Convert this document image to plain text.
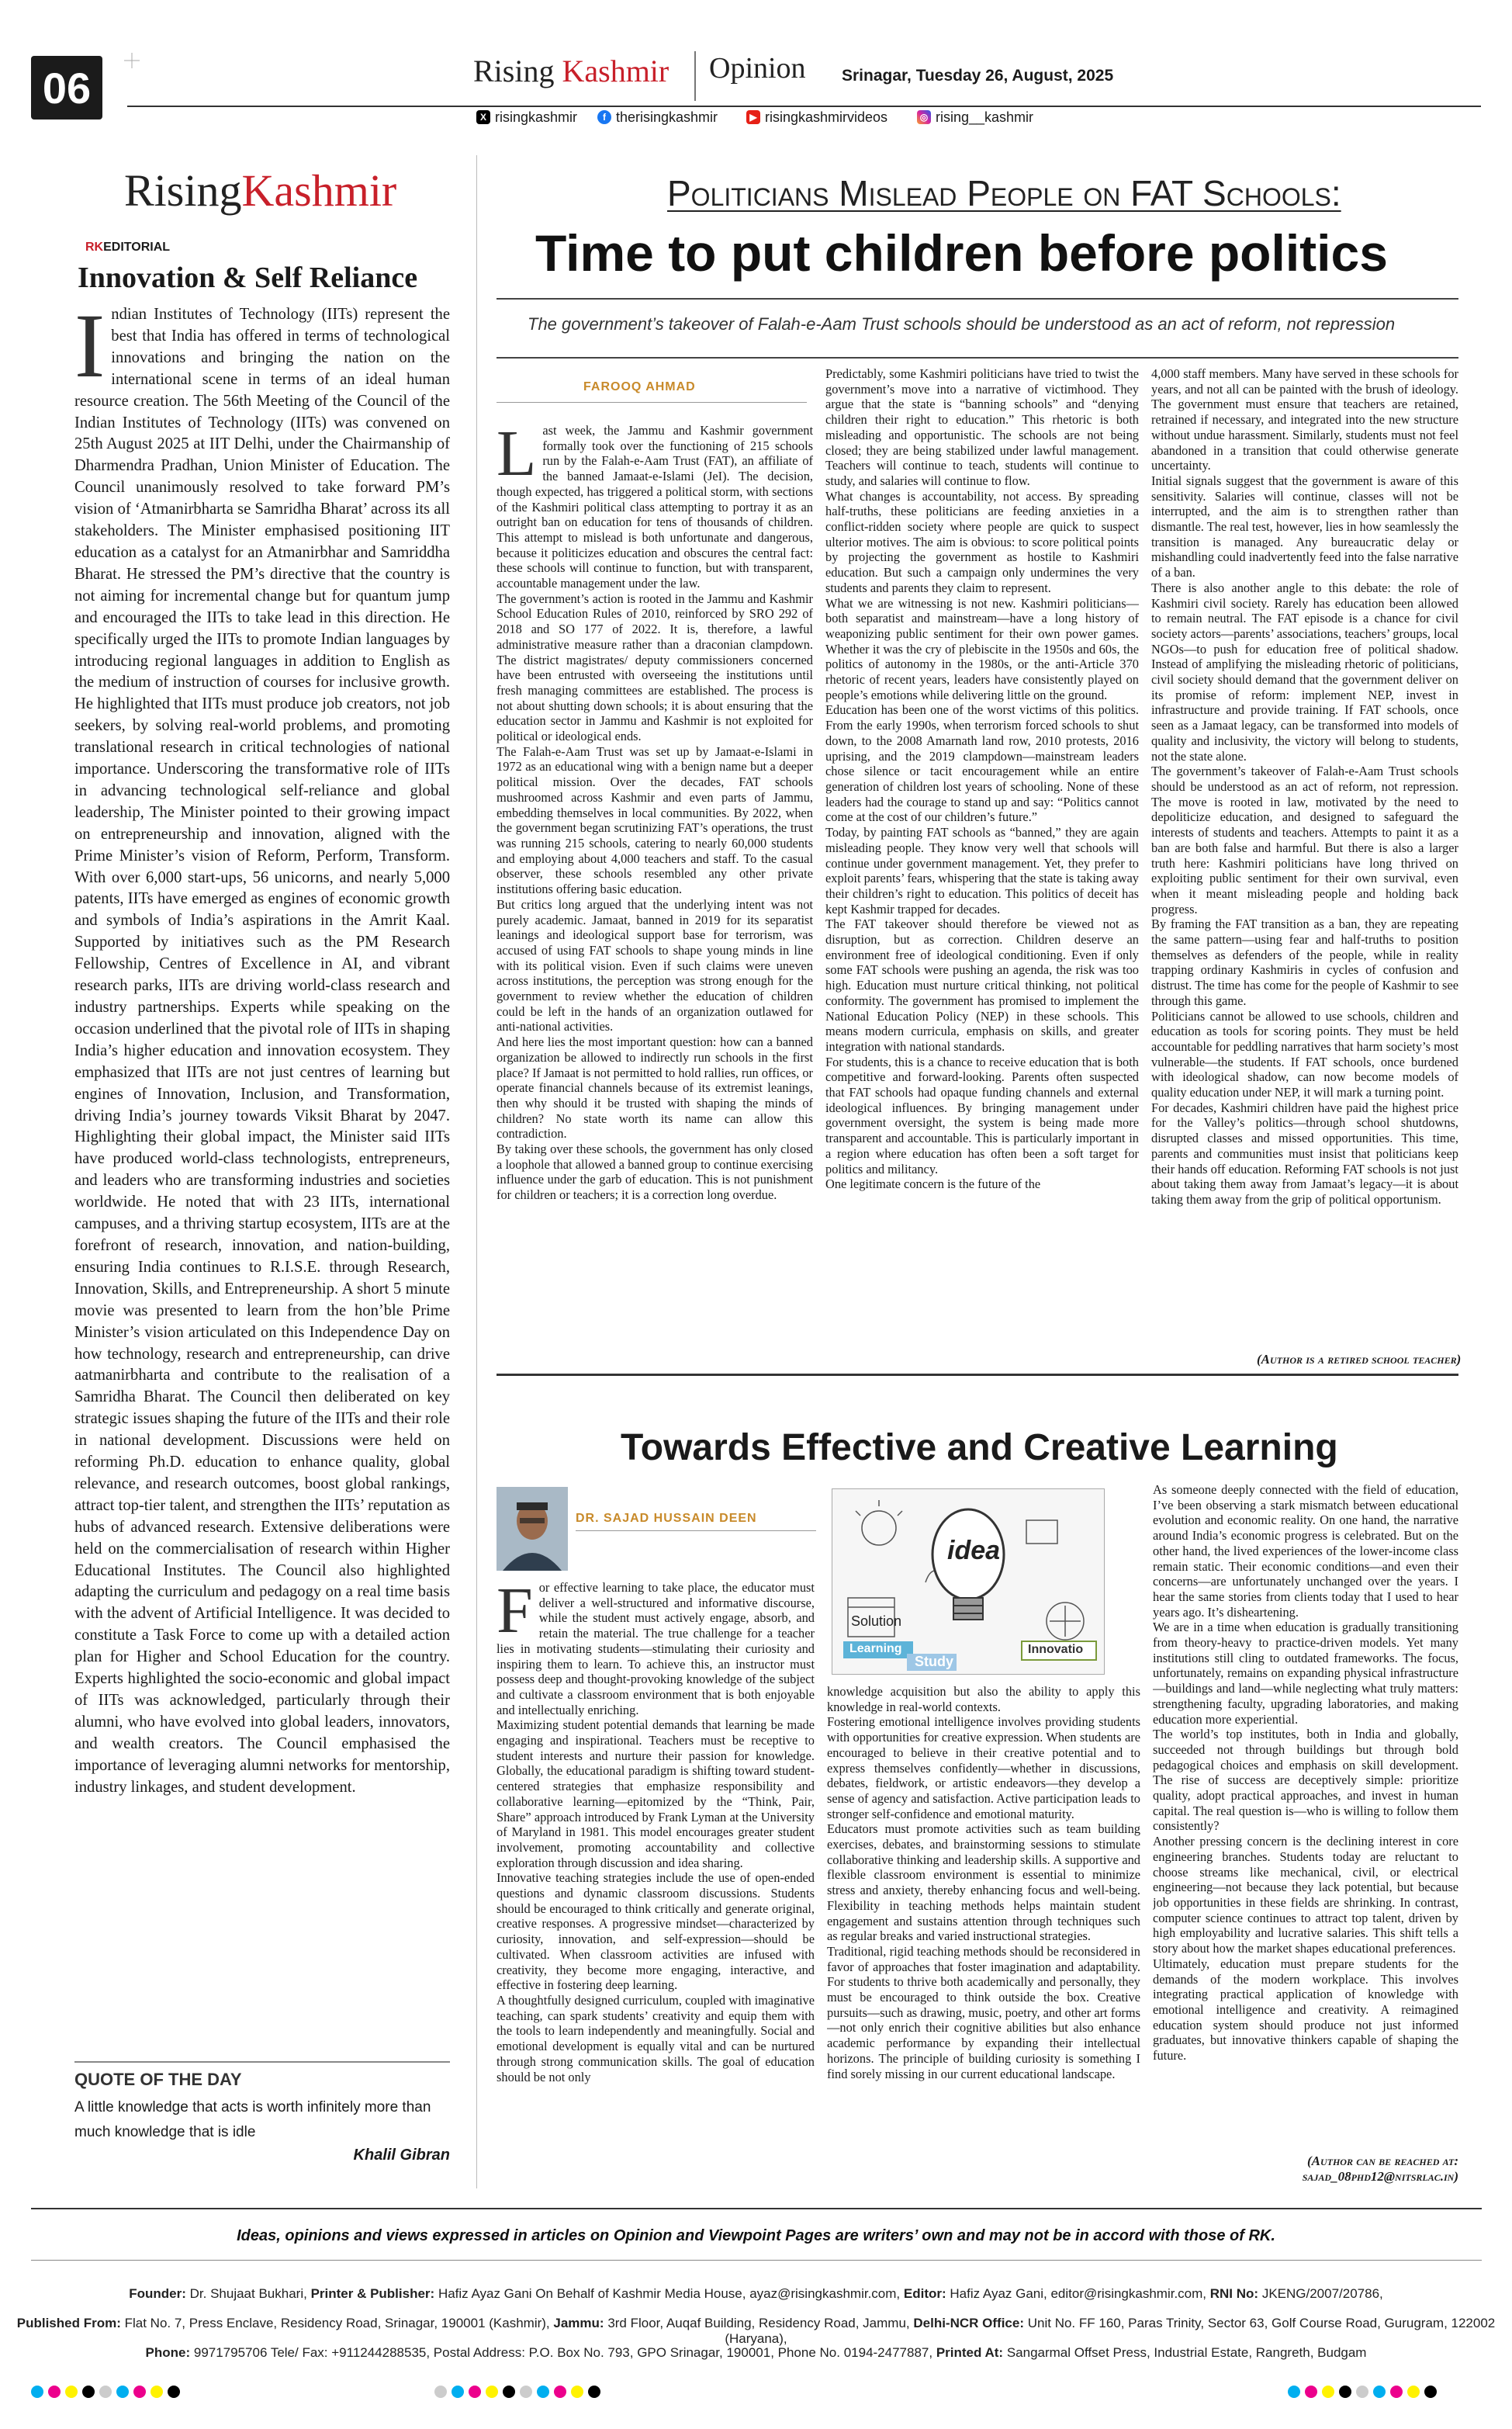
06	Rising Kashmir Opinion Srinagar, Tuesday 26, August, 2025
X risingkashmir	f therisingkashmir	▶ risingkashmirvideos	◎ rising__kashmir
RisingKashmir
RKEDITORIAL
Innovation & Self Reliance
Indian Institutes of Technology (IITs) represent the best that India has offered in terms of technological innovations and bringing the nation on the international scene in terms of an ideal human resource creation. The 56th Meeting of the Council of the Indian Institutes of Technology (IITs) was convened on 25th August 2025 at IIT Delhi, under the Chairmanship of Dharmendra Pradhan, Union Minister of Education. The Council unanimously resolved to take forward PM’s vision of ‘Atmanirbharta se Samridha Bharat’ across its all stakeholders. The Minister emphasised positioning IIT education as a catalyst for an Atmanirbhar and Samriddha Bharat. He stressed the PM’s directive that the country is not aiming for incremental change but for quantum jump and encouraged the IITs to take lead in this direction. He specifically urged the IITs to promote Indian languages by introducing regional languages in addition to English as the medium of instruction of courses for inclusive growth. He highlighted that IITs must produce job creators, not job seekers, by solving real-world problems, and promoting translational research in critical technologies of national importance. Underscoring the transformative role of IITs in advancing technological self-reliance and global leadership, The Minister pointed to their growing impact on entrepreneurship and innovation, aligned with the Prime Minister’s vision of Reform, Perform, Transform. With over 6,000 start-ups, 56 unicorns, and nearly 5,000 patents, IITs have emerged as engines of economic growth and symbols of India’s aspirations in the Amrit Kaal. Supported by initiatives such as the PM Research Fellowship, Centres of Excellence in AI, and vibrant research parks, IITs are driving world-class research and industry partnerships. Experts while speaking on the occasion underlined that the pivotal role of IITs in shaping India’s higher education and innovation ecosystem. They emphasized that IITs are not just centres of learning but engines of Innovation, Inclusion, and Transformation, driving India’s journey towards Viksit Bharat by 2047. Highlighting their global impact, the Minister said IITs have produced world-class technologists, entrepreneurs, and leaders who are transforming industries and societies worldwide. He noted that with 23 IITs, international campuses, and a thriving startup ecosystem, IITs are at the forefront of research, innovation, and nation-building, ensuring India continues to R.I.S.E. through Research, Innovation, Skills, and Entrepreneurship. A short 5 minute movie was presented to learn from the hon’ble Prime Minister’s vision articulated on this Independence Day on how technology, research and entrepreneurship, can drive aatmanirbharta and contribute to the realisation of a Samridha Bharat. The Council then deliberated on key strategic issues shaping the future of the IITs and their role in national development. Discussions were held on reforming Ph.D. education to enhance quality, global relevance, and research outcomes, boost global rankings, attract top-tier talent, and strengthen the IITs’ reputation as hubs of advanced research. Extensive deliberations were held on the commercialisation of research within Higher Educational Institutes. The Council also highlighted adapting the curriculum and pedagogy on a real time basis with the advent of Artificial Intelligence. It was decided to constitute a Task Force to come up with a detailed action plan for Higher and School Education for the country. Experts highlighted the socio-economic and global impact of IITs was acknowledged, particularly through their alumni, who have evolved into global leaders, innovators, and wealth creators. The Council emphasised the importance of leveraging alumni networks for mentorship, industry linkages, and student development.
QUOTE OF THE DAY
A little knowledge that acts is worth infinitely more than much knowledge that is idle
Khalil Gibran
Politicians Mislead People on FAT Schools:
Time to put children before politics
The government’s takeover of Falah-e-Aam Trust schools should be understood as an act of reform, not repression
FAROOQ AHMAD
Last week, the Jammu and Kashmir government formally took over the functioning of 215 schools run by the Falah-e-Aam Trust (FAT), an affiliate of the banned Jamaat-e-Islami (JeI). The decision, though expected, has triggered a political storm, with sections of the Kashmiri political class attempting to portray it as an outright ban on education for tens of thousands of children. This attempt to mislead is both unfortunate and dangerous, because it politicizes education and obscures the central fact: these schools will continue to function, but with transparent, accountable management under the law.
The government’s action is rooted in the Jammu and Kashmir School Education Rules of 2010, reinforced by SRO 292 of 2018 and SO 177 of 2022. It is, therefore, a lawful administrative measure rather than a draconian clampdown. The district magistrates/ deputy commissioners concerned have been entrusted with overseeing the institutions until fresh managing committees are established. The process is not about shutting down schools; it is about ensuring that the education sector in Jammu and Kashmir is not exploited for political or ideological ends.
The Falah-e-Aam Trust was set up by Jamaat-e-Islami in 1972 as an educational wing with a benign name but a deeper political mission. Over the decades, FAT schools mushroomed across Kashmir and even parts of Jammu, embedding themselves in local communities. By 2022, when the government began scrutinizing FAT’s operations, the trust was running 215 schools, catering to nearly 60,000 students and employing about 4,000 teachers and staff. To the casual observer, these schools resembled any other private institutions offering basic education.
But critics long argued that the underlying intent was not purely academic. Jamaat, banned in 2019 for its separatist leanings and ideological support base for terrorism, was accused of using FAT schools to shape young minds in line with its political vision. Even if such claims were uneven across institutions, the perception was strong enough for the government to review whether the education of children could be left in the hands of an organization outlawed for anti-national activities.
And here lies the most important question: how can a banned organization be allowed to indirectly run schools in the first place? If Jamaat is not permitted to hold rallies, run offices, or operate financial channels because of its extremist leanings, then why should it be trusted with shaping the minds of children? No state worth its name can allow this contradiction.
By taking over these schools, the government has only closed a loophole that allowed a banned group to continue exercising influence under the garb of education. This is not punishment for children or teachers; it is a correction long overdue.
Predictably, some Kashmiri politicians have tried to twist the government’s move into a narrative of victimhood. They argue that the state is “banning schools” and “denying children their right to education.” This rhetoric is both misleading and opportunistic. The schools are not being closed; they are being stabilized under lawful management. Teachers will continue to teach, students will continue to study, and salaries will continue to flow.
What changes is accountability, not access. By spreading half-truths, these politicians are feeding anxieties in a conflict-ridden society where people are quick to suspect ulterior motives. The aim is obvious: to score political points by projecting the government as hostile to Kashmiri education. But such a campaign only undermines the very students and parents they claim to represent.
What we are witnessing is not new. Kashmiri politicians—both separatist and mainstream—have a long history of weaponizing public sentiment for their own power games. Whether it was the cry of plebiscite in the 1950s and 60s, the politics of autonomy in the 1980s, or the anti-Article 370 rhetoric of recent years, leaders have consistently played on people’s emotions while delivering little on the ground.
Education has been one of the worst victims of this politics. From the early 1990s, when terrorism forced schools to shut down, to the 2008 Amarnath land row, 2010 protests, 2016 uprising, and the 2019 clampdown—mainstream leaders chose silence or tacit encouragement while an entire generation of children lost years of schooling. None of these leaders had the courage to stand up and say: “Politics cannot come at the cost of our children’s future.”
Today, by painting FAT schools as “banned,” they are again misleading people. They know very well that schools will continue under government management. Yet, they prefer to exploit parents’ fears, whispering that the state is taking away their children’s right to education. This politics of deceit has kept Kashmir trapped for decades.
The FAT takeover should therefore be viewed not as disruption, but as correction. Children deserve an environment free of ideological conditioning. Even if only some FAT schools were pushing an agenda, the risk was too high. Education must nurture critical thinking, not political conformity. The government has promised to implement the National Education Policy (NEP) in these schools. This means modern curricula, emphasis on skills, and greater integration with national standards.
For students, this is a chance to receive education that is both competitive and forward-looking. Parents often suspected that FAT schools had opaque funding channels and external ideological influences. By bringing management under government oversight, the system is being made more transparent and accountable. This is particularly important in a region where education has often been a soft target for politics and militancy.
One legitimate concern is the future of the
4,000 staff members. Many have served in these schools for years, and not all can be painted with the brush of ideology. The government must ensure that teachers are retained, retrained if necessary, and integrated into the new structure without undue harassment. Similarly, students must not feel abandoned in a transition that could otherwise generate uncertainty.
Initial signals suggest that the government is aware of this sensitivity. Salaries will continue, classes will not be interrupted, and the aim is to strengthen rather than dismantle. The real test, however, lies in how seamlessly the transition is managed. Any bureaucratic delay or mishandling could inadvertently feed into the false narrative of a ban.
There is also another angle to this debate: the role of Kashmiri civil society. Rarely has education been allowed to remain neutral. The FAT episode is a chance for civil society actors—parents’ associations, teachers’ groups, local NGOs—to push for education free of political shadow. Instead of amplifying the misleading rhetoric of politicians, civil society should demand that the government deliver on its promise of reform: implement NEP, invest in infrastructure and provide training. If FAT schools, once seen as a Jamaat legacy, can be transformed into models of quality and inclusivity, the victory will belong to students, not the state alone.
The government’s takeover of Falah-e-Aam Trust schools should be understood as an act of reform, not repression. The move is rooted in law, motivated by the need to depoliticize education, and designed to safeguard the interests of students and teachers. Attempts to paint it as a ban are both false and harmful. But there is also a larger truth here: Kashmiri politicians have long thrived on exploiting public sentiment for their own survival, even when it meant misleading people and holding back progress.
By framing the FAT transition as a ban, they are repeating the same pattern—using fear and half-truths to position themselves as defenders of the people, while in reality trapping ordinary Kashmiris in cycles of confusion and distrust. The time has come for the people of Kashmir to see through this game.
Politicians cannot be allowed to use schools, children and education as tools for scoring points. They must be held accountable for peddling narratives that harm society’s most vulnerable—the students. If FAT schools, once burdened with ideological shadow, can now become models of quality education under NEP, it will mark a turning point.
For decades, Kashmiri children have paid the highest price for the Valley’s politics—through school shutdowns, disrupted classes and missed opportunities. This time, parents and communities must insist that politicians keep their hands off education. Reforming FAT schools is not just about taking them away from Jamaat’s legacy—it is about taking them away from the grip of political opportunism.
(Author is a retired school teacher)
Towards Effective and Creative Learning
DR. SAJAD HUSSAIN DEEN
idea
Solution
Learning
Study
Innovatio
For effective learning to take place, the educator must deliver a well-structured and informative discourse, while the student must actively engage, absorb, and retain the material. The true challenge for a teacher lies in motivating students—stimulating their curiosity and inspiring them to learn. To achieve this, an instructor must possess deep and thought-provoking knowledge of the subject and cultivate a classroom environment that is both enjoyable and intellectually enriching.
Maximizing student potential demands that learning be made engaging and inspirational. Teachers must be receptive to student interests and nurture their passion for knowledge. Globally, the educational paradigm is shifting toward student-centered strategies that emphasize responsibility and collaborative learning—epitomized by the “Think, Pair, Share” approach introduced by Frank Lyman at the University of Maryland in 1981. This model encourages greater student involvement, promoting accountability and collective exploration through discussion and idea sharing.
Innovative teaching strategies include the use of open-ended questions and dynamic classroom discussions. Students should be encouraged to think critically and generate original, creative responses. A progressive mindset—characterized by curiosity, innovation, and self-expression—should be cultivated. When classroom activities are infused with creativity, they become more engaging, interactive, and effective in fostering deep learning.
A thoughtfully designed curriculum, coupled with imaginative teaching, can spark students’ creativity and equip them with the tools to learn independently and meaningfully. Social and emotional development is equally vital and can be nurtured through strong communication skills. The goal of education should be not only
knowledge acquisition but also the ability to apply this knowledge in real-world contexts.
Fostering emotional intelligence involves providing students with opportunities for creative expression. When students are encouraged to believe in their creative potential and to express themselves confidently—whether in discussions, debates, fieldwork, or artistic endeavors—they develop a sense of agency and satisfaction. Active participation leads to stronger self-confidence and emotional maturity.
Educators must promote activities such as team building exercises, debates, and brainstorming sessions to stimulate collaborative thinking and leadership skills. A supportive and flexible classroom environment is essential to minimize stress and anxiety, thereby enhancing focus and well-being. Flexibility in teaching methods helps maintain student engagement and sustains attention through techniques such as regular breaks and varied instructional strategies.
Traditional, rigid teaching methods should be reconsidered in favor of approaches that foster imagination and adaptability. For students to thrive both academically and personally, they must be encouraged to think outside the box. Creative pursuits—such as drawing, music, poetry, and other art forms—not only enrich their cognitive abilities but also enhance academic performance by expanding their intellectual horizons. The principle of building curiosity is something I find sorely missing in our current educational landscape.
As someone deeply connected with the field of education, I’ve been observing a stark mismatch between educational evolution and economic reality. On one hand, the narrative around India’s economic progress is celebrated. But on the other hand, the lived experiences of the lower-income class remain static. Their economic conditions—and even their concerns—are unfortunately unchanged over the years. I hear the same stories from clients today that I used to hear years ago. It’s disheartening.
We are in a time when education is gradually transitioning from theory-heavy to practice-driven models. Yet many institutions still cling to outdated frameworks. The focus, unfortunately, remains on expanding physical infrastructure—buildings and land—while neglecting what truly matters: strengthening faculty, upgrading laboratories, and making education more experiential.
The world’s top institutes, both in India and globally, succeeded not through buildings but through bold pedagogical choices and emphasis on skill development. The rise of success are deceptively simple: prioritize quality, adopt practical approaches, and invest in human capital. The real question is—who is willing to follow them consistently?
Another pressing concern is the declining interest in core engineering branches. Students today are reluctant to choose streams like mechanical, civil, or electrical engineering—not because they lack potential, but because job opportunities in these fields are shrinking. In contrast, computer science continues to attract top talent, driven by high employability and lucrative salaries. This shift tells a story about how the market shapes educational preferences.
Ultimately, education must prepare students for the demands of the modern workplace. This involves integrating practical application of knowledge with emotional intelligence and creativity. A reimagined education system should produce not just informed graduates, but innovative thinkers capable of shaping the future.
(Author can be reached at:
sajad_08phd12@nitsrlac.in)
Ideas, opinions and views expressed in articles on Opinion and Viewpoint Pages are writers’ own and may not be in accord with those of RK.
Founder: Dr. Shujaat Bukhari, Printer & Publisher: Hafiz Ayaz Gani On Behalf of Kashmir Media House, ayaz@risingkashmir.com, Editor: Hafiz Ayaz Gani, editor@risingkashmir.com, RNI No: JKENG/2007/20786,
Published From: Flat No. 7, Press Enclave, Residency Road, Srinagar, 190001 (Kashmir), Jammu: 3rd Floor, Auqaf Building, Residency Road, Jammu, Delhi-NCR Office: Unit No. FF 160, Paras Trinity, Sector 63, Golf Course Road, Gurugram, 122002 (Haryana),
Phone: 9971795706 Tele/ Fax: +911244288535, Postal Address: P.O. Box No. 793, GPO Srinagar, 190001, Phone No. 0194-2477887, Printed At: Sangarmal Offset Press, Industrial Estate, Rangreth, Budgam
